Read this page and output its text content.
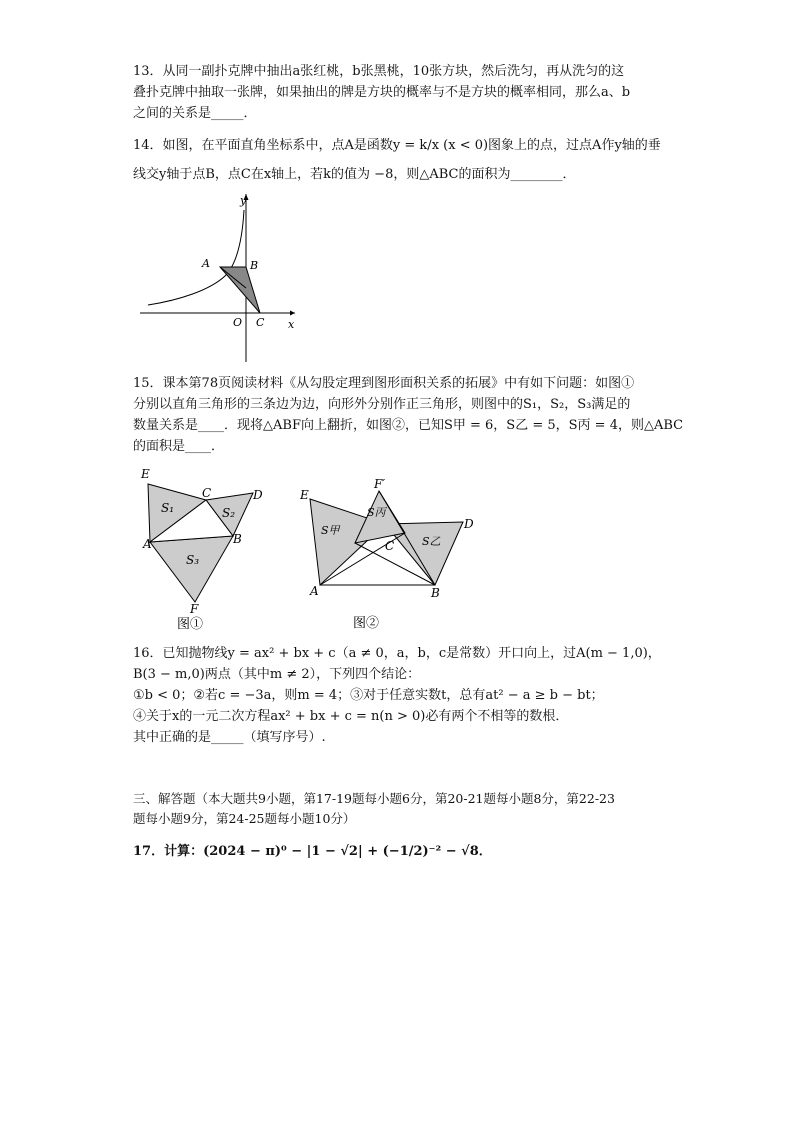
13．从同一副扑克牌中抽出a张红桃，b张黑桃，10张方块，然后洗匀，再从洗匀的这
叠扑克牌中抽取一张牌，如果抽出的牌是方块的概率与不是方块的概率相同，那么a、b
之间的关系是_____．
14．如图，在平面直角坐标系中，点A是函数y = k/x (x < 0)图象上的点，过点A作y轴的垂
线交y轴于点B，点C在x轴上，若k的值为 −8，则△ABC的面积为________．
y
x
A	B
O C
15．课本第78页阅读材料《从勾股定理到图形面积关系的拓展》中有如下问题：如图①
分别以直角三角形的三条边为边，向形外分别作正三角形，则图中的S₁，S₂，S₃满足的
数量关系是____．现将△ABF向上翻折，如图②，已知S甲 = 6，S乙 = 5，S丙 = 4，则△ABC
的面积是____．
E
C	D
A	B
F
S₁	S₂
S₃
图①
E
F′
D
C
A	B
S甲
S丙
S乙
图②
16．已知抛物线y = ax² + bx + c（a ≠ 0，a，b，c是常数）开口向上，过A(m − 1,0)，
B(3 − m,0)两点（其中m ≠ 2），下列四个结论：
①b < 0；②若c = −3a，则m = 4；③对于任意实数t，总有at² − a ≥ b − bt；
④关于x的一元二次方程ax² + bx + c = n(n > 0)必有两个不相等的数根．
其中正确的是_____（填写序号）.
三、解答题（本大题共9小题，第17-19题每小题6分，第20-21题每小题8分，第22-23
题每小题9分，第24-25题每小题10分）
17．计算：(2024 − π)⁰ − |1 − √2| + (−1/2)⁻² − √8．
